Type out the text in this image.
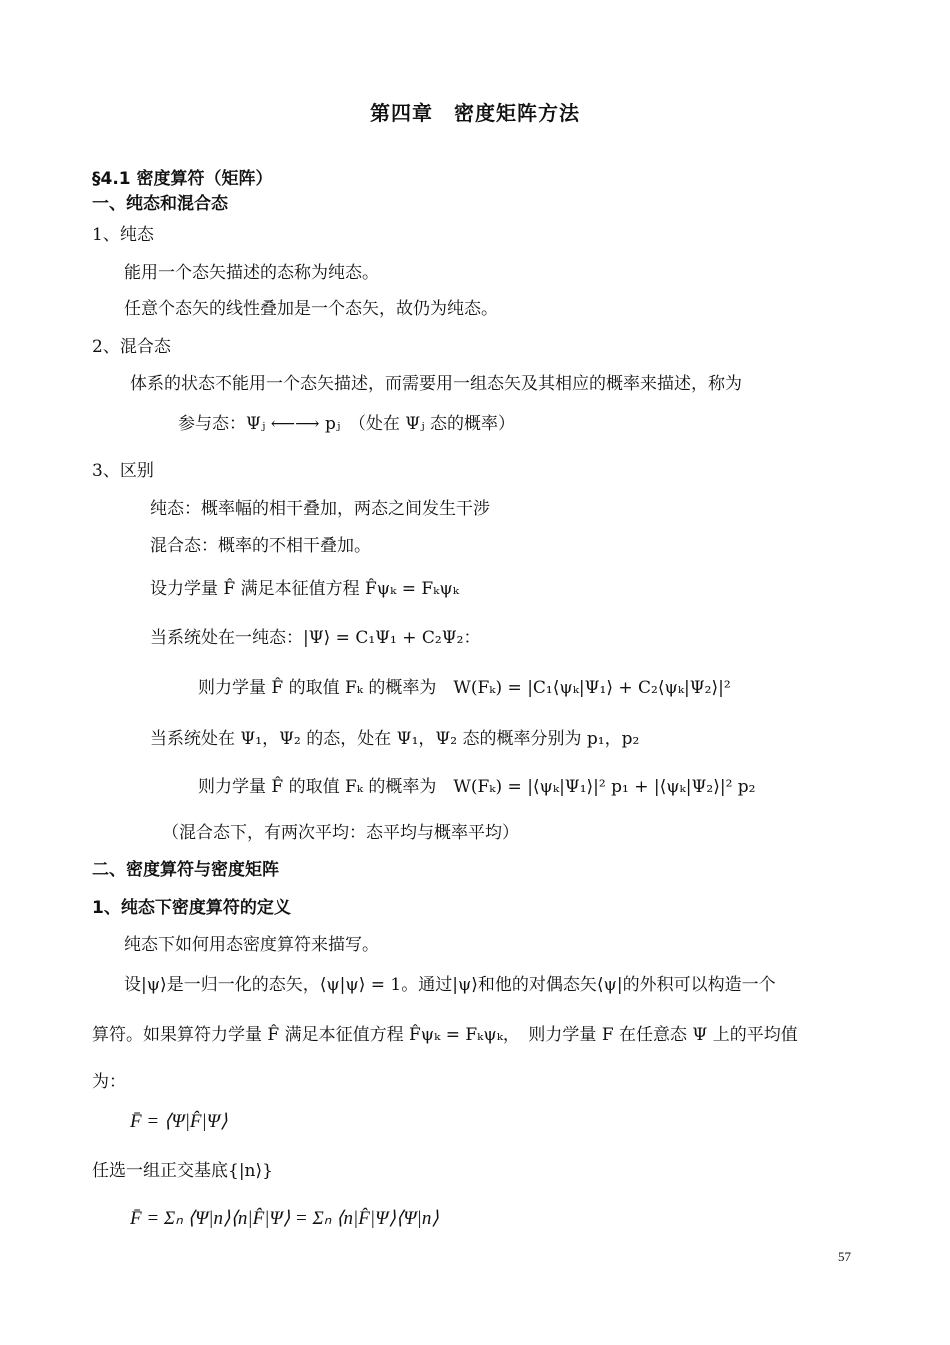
第四章　密度矩阵方法
§4.1 密度算符（矩阵）
一、纯态和混合态
1、纯态
能用一个态矢描述的态称为纯态。
任意个态矢的线性叠加是一个态矢，故仍为纯态。
2、混合态
体系的状态不能用一个态矢描述，而需要用一组态矢及其相应的概率来描述，称为
参与态：Ψⱼ ⟵⟶ pⱼ　（处在 Ψⱼ 态的概率）
3、区别
纯态：概率幅的相干叠加，两态之间发生干涉
混合态：概率的不相干叠加。
设力学量 F̂ 满足本征值方程 F̂ψₖ = Fₖψₖ
当系统处在一纯态：|Ψ⟩ = C₁Ψ₁ + C₂Ψ₂：
则力学量 F̂ 的取值 Fₖ 的概率为　W(Fₖ) = |C₁⟨ψₖ|Ψ₁⟩ + C₂⟨ψₖ|Ψ₂⟩|²
当系统处在 Ψ₁，Ψ₂ 的态，处在 Ψ₁，Ψ₂ 态的概率分别为 p₁，p₂
则力学量 F̂ 的取值 Fₖ 的概率为　W(Fₖ) = |⟨ψₖ|Ψ₁⟩|² p₁ + |⟨ψₖ|Ψ₂⟩|² p₂
（混合态下，有两次平均：态平均与概率平均）
二、密度算符与密度矩阵
1、纯态下密度算符的定义
纯态下如何用态密度算符来描写。
设|ψ⟩是一归一化的态矢，⟨ψ|ψ⟩ = 1。通过|ψ⟩和他的对偶态矢⟨ψ|的外积可以构造一个
算符。如果算符力学量 F̂ 满足本征值方程 F̂ψₖ = Fₖψₖ，　则力学量 F 在任意态 Ψ 上的平均值
为：
F̄ = ⟨Ψ|F̂|Ψ⟩
任选一组正交基底{|n⟩}
F̄ = Σₙ ⟨Ψ|n⟩⟨n|F̂|Ψ⟩ = Σₙ ⟨n|F̂|Ψ⟩⟨Ψ|n⟩
57
